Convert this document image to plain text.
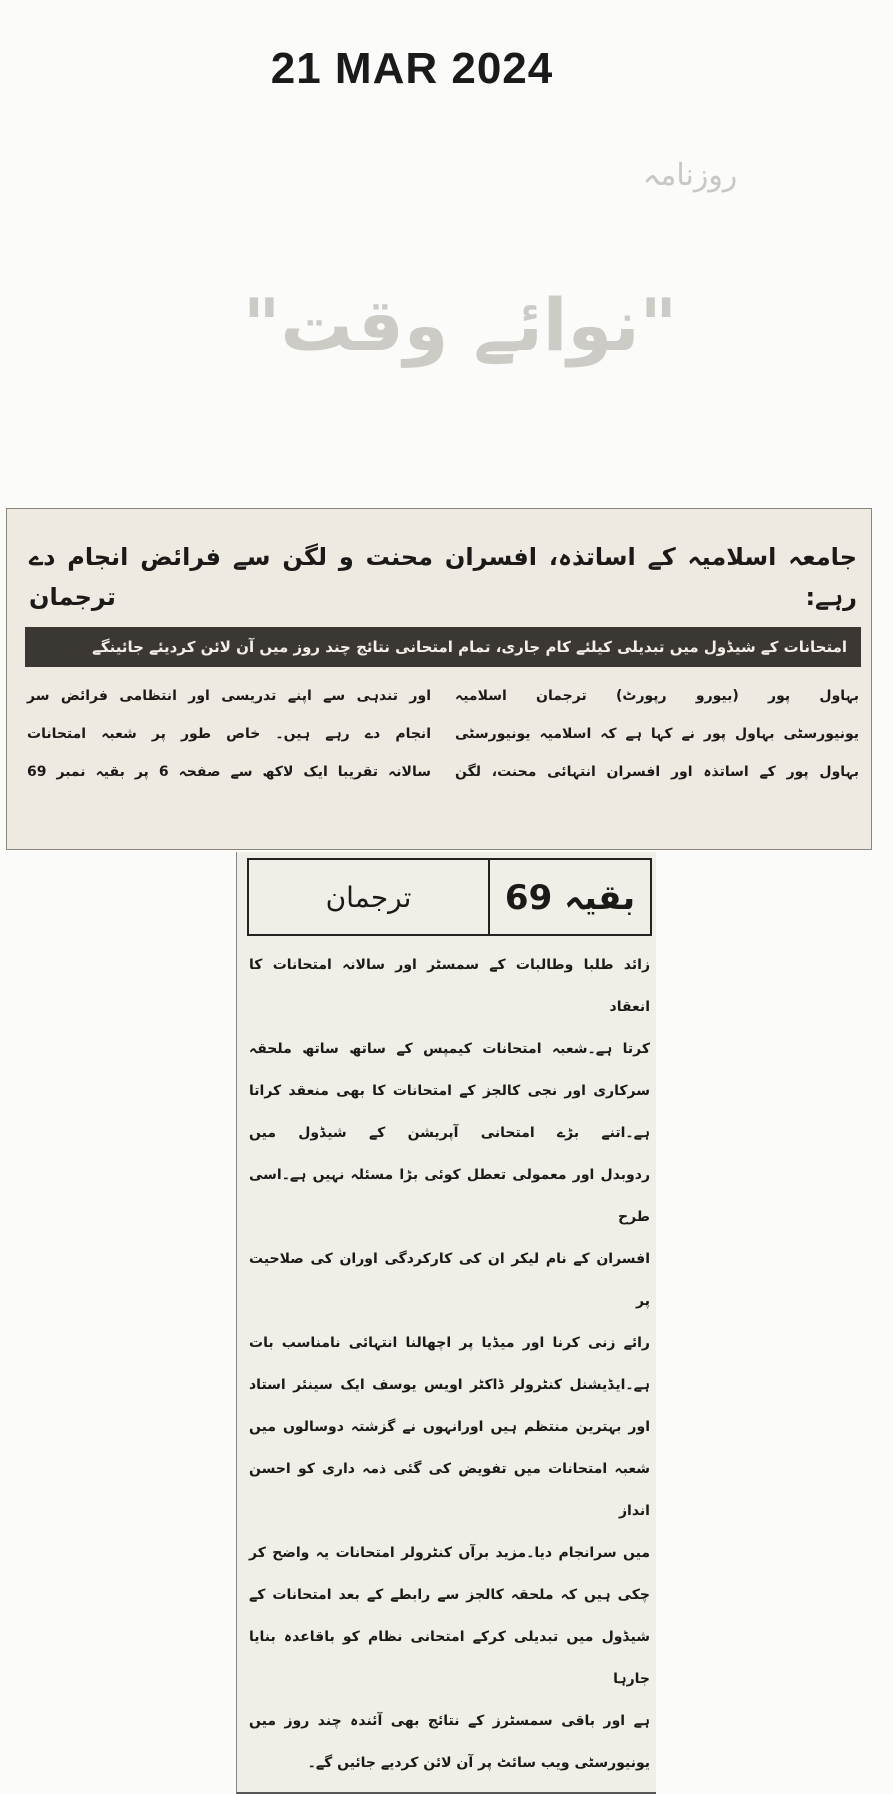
21 MAR 2024
روزنامہ
"نوائے وقت"
جامعہ اسلامیہ کے اساتذہ، افسران محنت و لگن سے فرائض انجام دے رہے: ترجمان
امتحانات کے شیڈول میں تبدیلی کیلئے کام جاری، تمام امتحانی نتائج چند روز میں آن لائن کردیئے جائینگے
بہاول پور (بیورو رپورٹ) ترجمان اسلامیہ
یونیورسٹی بہاول پور نے کہا ہے کہ اسلامیہ یونیورسٹی
بہاول پور کے اساتذہ اور افسران انتہائی محنت، لگن
اور تندہی سے اپنے تدریسی اور انتظامی فرائض سر
انجام دے رہے ہیں۔ خاص طور پر شعبہ امتحانات
سالانہ تقریبا ایک لاکھ سے صفحہ 6 پر بقیہ نمبر 69
بقیہ 69
ترجمان
زائد طلبا وطالبات کے سمسٹر اور سالانہ امتحانات کا انعقاد
کرتا ہے۔شعبہ امتحانات کیمپس کے ساتھ ساتھ ملحقہ
سرکاری اور نجی کالجز کے امتحانات کا بھی منعقد کراتا
ہے۔اتنے بڑے امتحانی آپریشن کے شیڈول میں
ردوبدل اور معمولی تعطل کوئی بڑا مسئلہ نہیں ہے۔اسی طرح
افسران کے نام لیکر ان کی کارکردگی اوران کی صلاحیت پر
رائے زنی کرنا اور میڈیا پر اچھالنا انتہائی نامناسب بات
ہے۔ایڈیشنل کنٹرولر ڈاکٹر اویس یوسف ایک سینئر استاد
اور بہترین منتظم ہیں اورانہوں نے گزشتہ دوسالوں میں
شعبہ امتحانات میں تفویض کی گئی ذمہ داری کو احسن انداز
میں سرانجام دیا۔مزید برآں کنٹرولر امتحانات یہ واضح کر
چکی ہیں کہ ملحقہ کالجز سے رابطے کے بعد امتحانات کے
شیڈول میں تبدیلی کرکے امتحانی نظام کو باقاعدہ بنایا جارہا
ہے اور باقی سمسٹرز کے نتائج بھی آئندہ چند روز میں
یونیورسٹی ویب سائٹ پر آن لائن کردیے جائیں گے۔
